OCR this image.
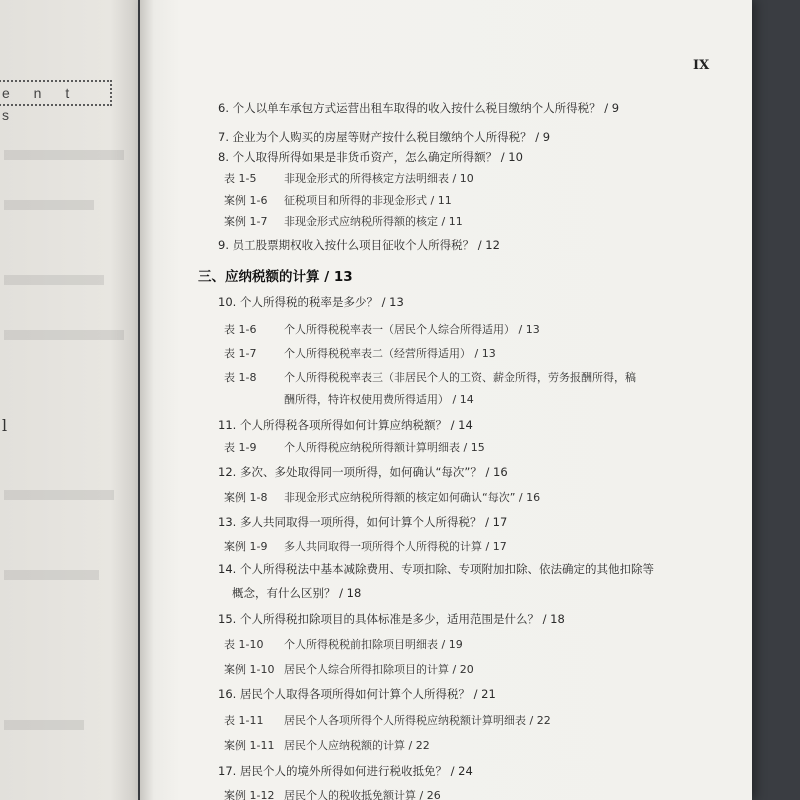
e n t s
l
IX
6. 个人以单车承包方式运营出租车取得的收入按什么税目缴纳个人所得税？ / 9
7. 企业为个人购买的房屋等财产按什么税目缴纳个人所得税？ / 9
8. 个人取得所得如果是非货币资产，怎么确定所得额？ / 10
表 1-5	非现金形式的所得核定方法明细表 / 10
案例 1-6 征税项目和所得的非现金形式 / 11
案例 1-7 非现金形式应纳税所得额的核定 / 11
9. 员工股票期权收入按什么项目征收个人所得税？ / 12
三、应纳税额的计算 / 13
10. 个人所得税的税率是多少？ / 13
表 1-6	个人所得税税率表一（居民个人综合所得适用） / 13
表 1-7	个人所得税税率表二（经营所得适用） / 13
表 1-8	个人所得税税率表三（非居民个人的工资、薪金所得，劳务报酬所得，稿
酬所得，特许权使用费所得适用） / 14
11. 个人所得税各项所得如何计算应纳税额？ / 14
表 1-9	个人所得税应纳税所得额计算明细表 / 15
12. 多次、多处取得同一项所得，如何确认“每次”？ / 16
案例 1-8 非现金形式应纳税所得额的核定如何确认“每次” / 16
13. 多人共同取得一项所得，如何计算个人所得税？ / 17
案例 1-9 多人共同取得一项所得个人所得税的计算 / 17
14. 个人所得税法中基本减除费用、专项扣除、专项附加扣除、依法确定的其他扣除等
概念，有什么区别？ / 18
15. 个人所得税扣除项目的具体标准是多少，适用范围是什么？ / 18
表 1-10 个人所得税税前扣除项目明细表 / 19
案例 1-10 居民个人综合所得扣除项目的计算 / 20
16. 居民个人取得各项所得如何计算个人所得税？ / 21
表 1-11 居民个人各项所得个人所得税应纳税额计算明细表 / 22
案例 1-11 居民个人应纳税额的计算 / 22
17. 居民个人的境外所得如何进行税收抵免？ / 24
案例 1-12 居民个人的税收抵免额计算 / 26
